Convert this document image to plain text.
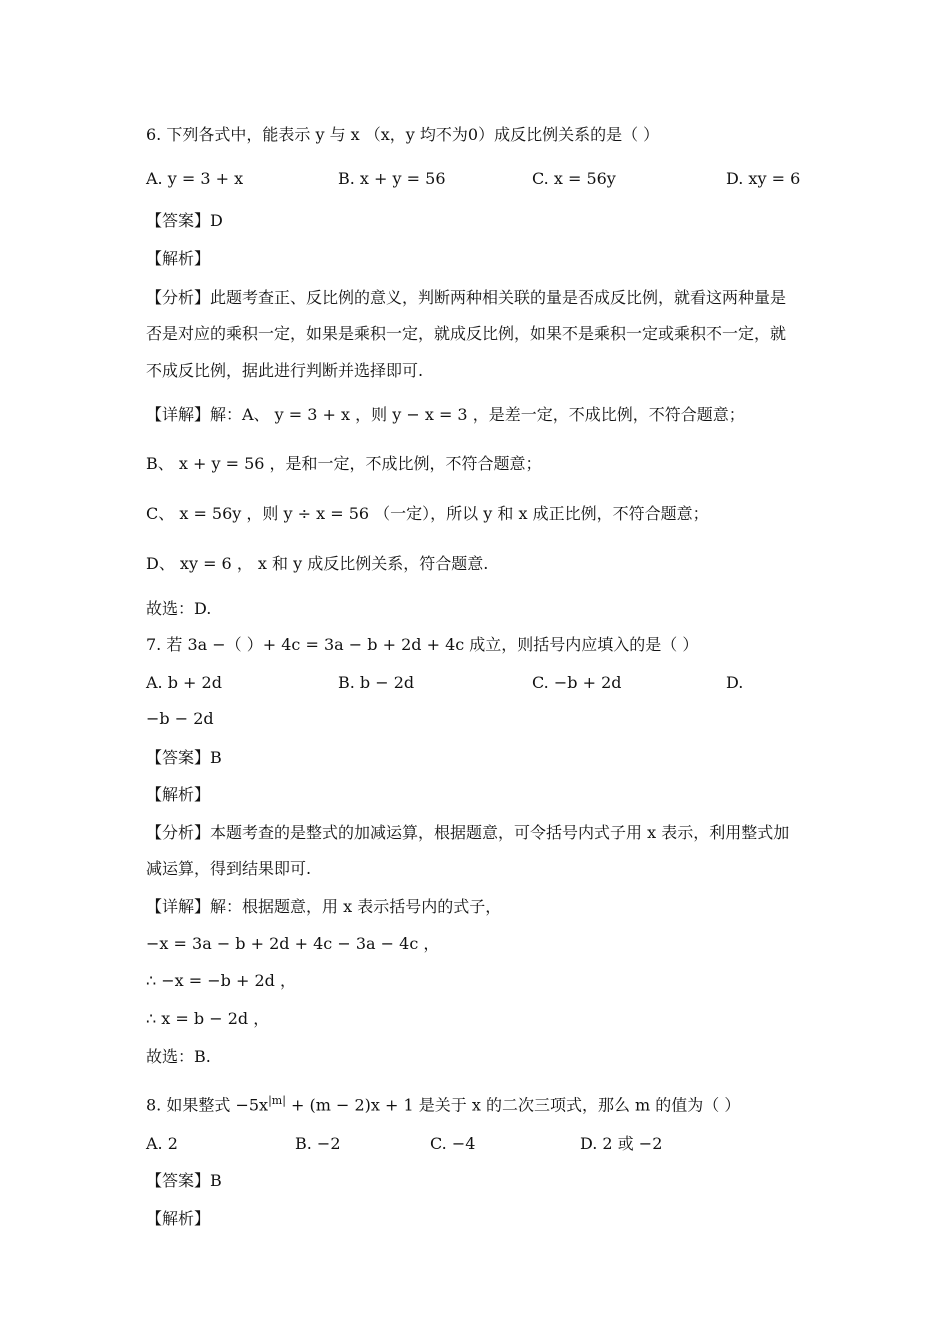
6. 下列各式中，能表示 y 与 x （x，y 均不为0）成反比例关系的是（ ）
A. y = 3 + x	B. x + y = 56	C. x = 56y	D. xy = 6
【答案】D
【解析】
【分析】此题考查正、反比例的意义，判断两种相关联的量是否成反比例，就看这两种量是
否是对应的乘积一定，如果是乘积一定，就成反比例，如果不是乘积一定或乘积不一定，就
不成反比例，据此进行判断并选择即可.
【详解】解：A、 y = 3 + x ，则 y − x = 3 ，是差一定，不成比例，不符合题意；
B、 x + y = 56 ，是和一定，不成比例，不符合题意；
C、 x = 56y ，则 y ÷ x = 56 （一定），所以 y 和 x 成正比例，不符合题意；
D、 xy = 6 ， x 和 y 成反比例关系，符合题意.
故选：D.
7. 若 3a −（ ）+ 4c = 3a − b + 2d + 4c 成立，则括号内应填入的是（ ）
A. b + 2d	B. b − 2d	C. −b + 2d	D.
−b − 2d
【答案】B
【解析】
【分析】本题考查的是整式的加减运算，根据题意，可令括号内式子用 x 表示，利用整式加
减运算，得到结果即可.
【详解】解：根据题意，用 x 表示括号内的式子，
−x = 3a − b + 2d + 4c − 3a − 4c ，
∴ −x = −b + 2d ，
∴ x = b − 2d ，
故选：B.
8. 如果整式 $-5x^{|m|} + (m - 2)x + 1$ 是关于 x 的二次三项式，那么 m 的值为（ ）
A. 2	B. −2	C. −4	D. 2 或 −2
【答案】B
【解析】
